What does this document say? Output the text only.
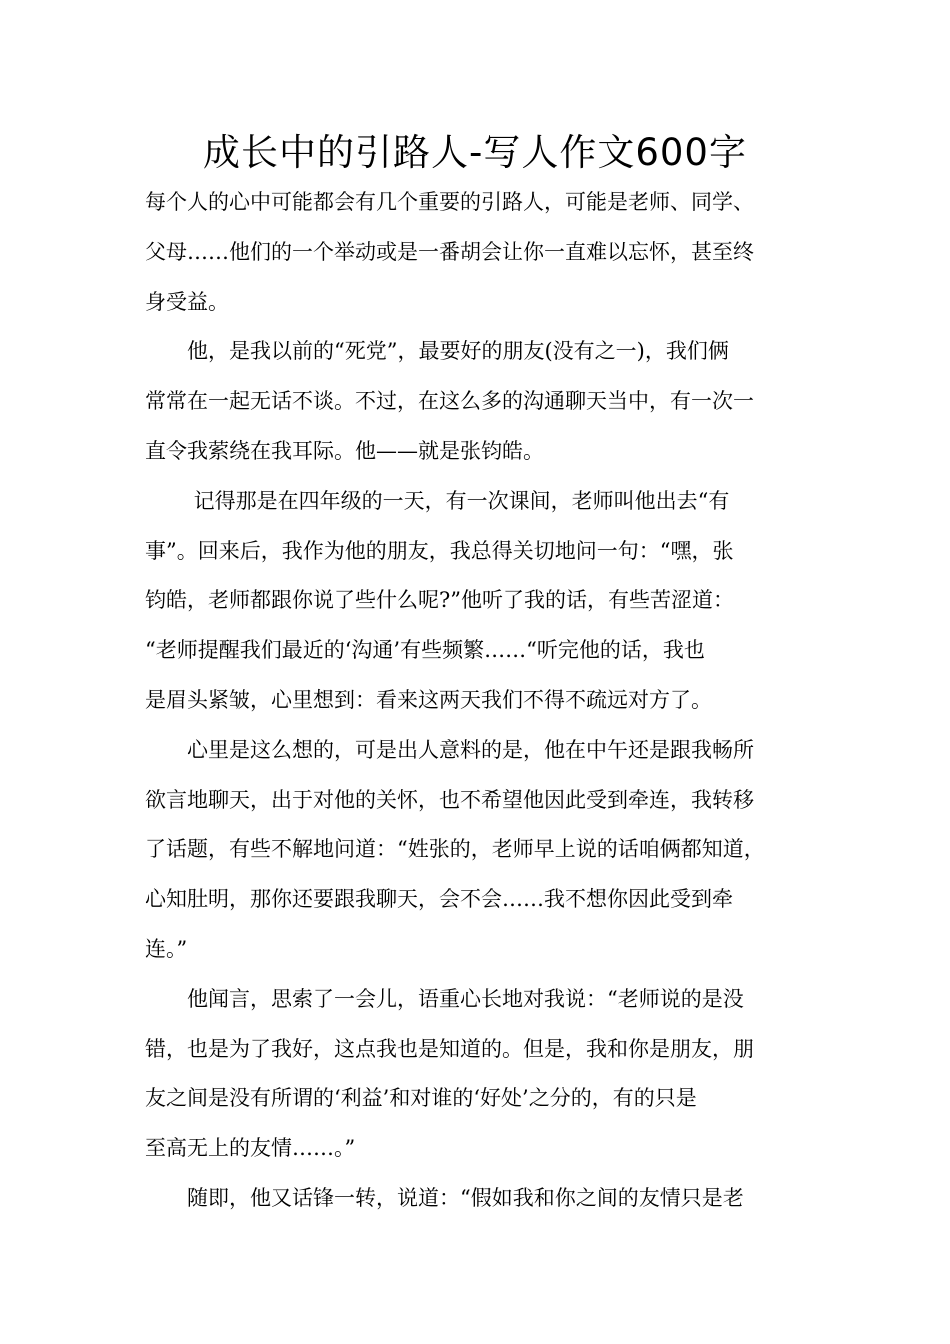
成长中的引路人-写人作文600字
每个人的心中可能都会有几个重要的引路人，可能是老师、同学、
父母……他们的一个举动或是一番胡会让你一直难以忘怀，甚至终
身受益。
　　他，是我以前的“死党”，最要好的朋友(没有之一)，我们俩
常常在一起无话不谈。不过，在这么多的沟通聊天当中，有一次一
直令我萦绕在我耳际。他——就是张钧皓。
　　 记得那是在四年级的一天，有一次课间，老师叫他出去“有
事”。回来后，我作为他的朋友，我总得关切地问一句：“嘿，张
钧皓，老师都跟你说了些什么呢?”他听了我的话，有些苦涩道：
“老师提醒我们最近的‘沟通’有些频繁……“听完他的话，我也
是眉头紧皱，心里想到：看来这两天我们不得不疏远对方了。
　　心里是这么想的，可是出人意料的是，他在中午还是跟我畅所
欲言地聊天，出于对他的关怀，也不希望他因此受到牵连，我转移
了话题，有些不解地问道：“姓张的，老师早上说的话咱俩都知道，
心知肚明，那你还要跟我聊天，会不会……我不想你因此受到牵
连。”
　　他闻言，思索了一会儿，语重心长地对我说：“老师说的是没
错，也是为了我好，这点我也是知道的。但是，我和你是朋友，朋
友之间是没有所谓的‘利益’和对谁的‘好处’之分的，有的只是
至高无上的友情……。”
　　随即，他又话锋一转，说道：“假如我和你之间的友情只是老
